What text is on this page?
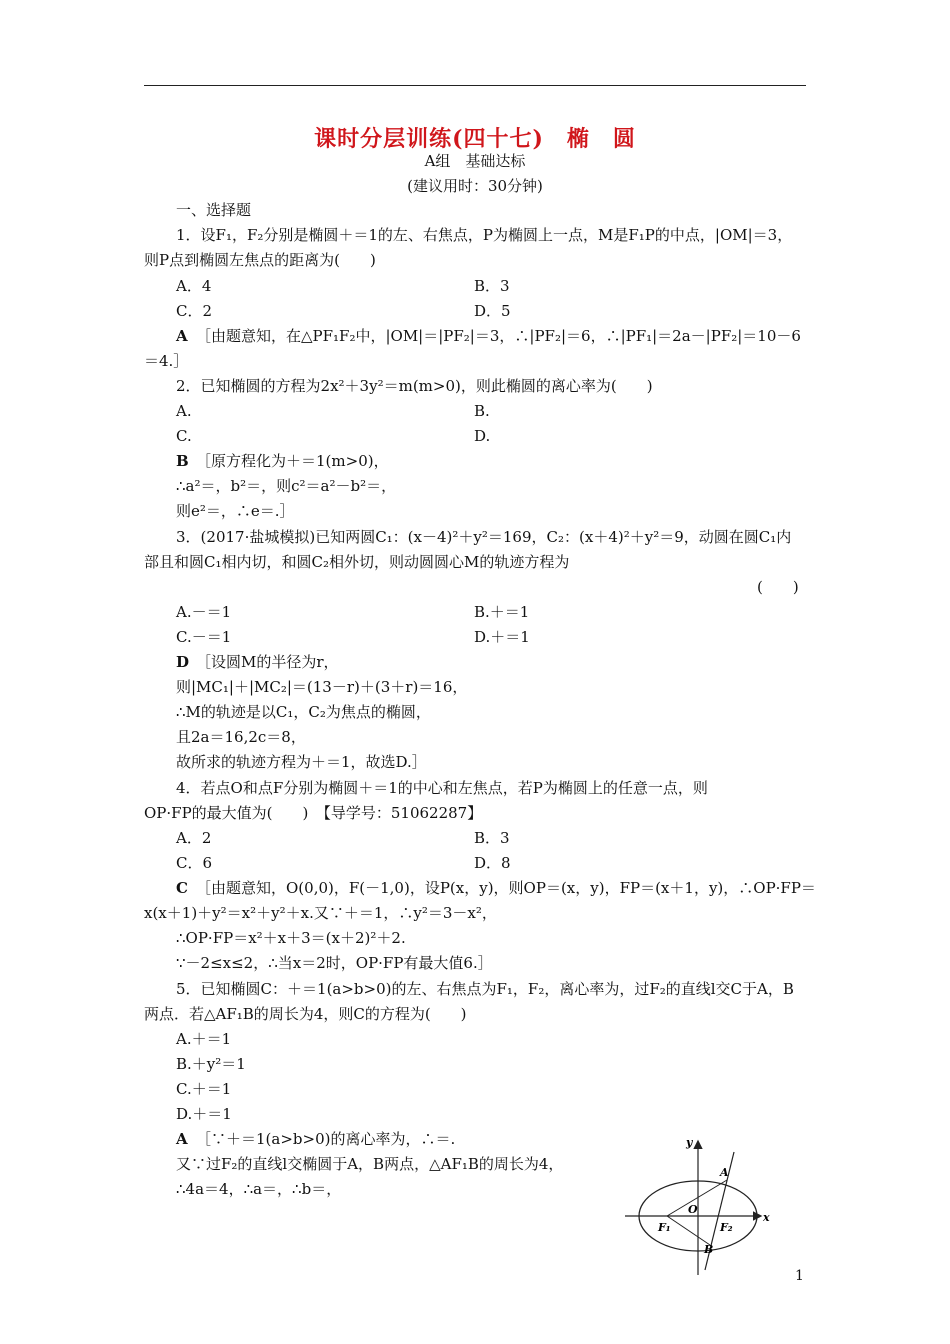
课时分层训练(四十七)　椭　圆
A组　基础达标
(建议用时：30分钟)
一、选择题
1．设F₁，F₂分别是椭圆＋＝1的左、右焦点，P为椭圆上一点，M是F₁P的中点，|OM|＝3，
则P点到椭圆左焦点的距离为(　　)
A．4	B．3
C．2	D．5
A ［由题意知，在△PF₁F₂中，|OM|＝|PF₂|＝3，∴|PF₂|＝6，∴|PF₁|＝2a－|PF₂|＝10－6
＝4.］
2．已知椭圆的方程为2x²＋3y²＝m(m>0)，则此椭圆的离心率为(　　)
A.	B.
C.	D.
B ［原方程化为＋＝1(m>0)，
∴a²＝，b²＝，则c²＝a²－b²＝，
则e²＝，∴e＝.］
3．(2017·盐城模拟)已知两圆C₁：(x－4)²＋y²＝169，C₂：(x＋4)²＋y²＝9，动圆在圆C₁内
部且和圆C₁相内切，和圆C₂相外切，则动圆圆心M的轨迹方程为
(　　)
A.－＝1	B.＋＝1
C.－＝1	D.＋＝1
D ［设圆M的半径为r，
则|MC₁|＋|MC₂|＝(13－r)＋(3＋r)＝16，
∴M的轨迹是以C₁，C₂为焦点的椭圆，
且2a＝16,2c＝8，
故所求的轨迹方程为＋＝1，故选D.］
4．若点O和点F分别为椭圆＋＝1的中心和左焦点，若P为椭圆上的任意一点，则
OP·FP的最大值为(　　)　【导学号：51062287】
A．2	B．3
C．6	D．8
C ［由题意知，O(0,0)，F(－1,0)，设P(x，y)，则OP＝(x，y)，FP＝(x＋1，y)，∴OP·FP＝
x(x＋1)＋y²＝x²＋y²＋x.又∵＋＝1，∴y²＝3－x²，
∴OP·FP＝x²＋x＋3＝(x＋2)²＋2.
∵－2≤x≤2，∴当x＝2时，OP·FP有最大值6.］
5．已知椭圆C：＋＝1(a>b>0)的左、右焦点为F₁，F₂，离心率为，过F₂的直线l交C于A，B
两点．若△AF₁B的周长为4，则C的方程为(　　)
A.＋＝1
B.＋y²＝1
C.＋＝1
D.＋＝1
A ［∵＋＝1(a>b>0)的离心率为，∴＝.
又∵过F₂的直线l交椭圆于A，B两点，△AF₁B的周长为4，
∴4a＝4，∴a＝，∴b＝，
y
x
A
B
O
F₁	F₂
1
